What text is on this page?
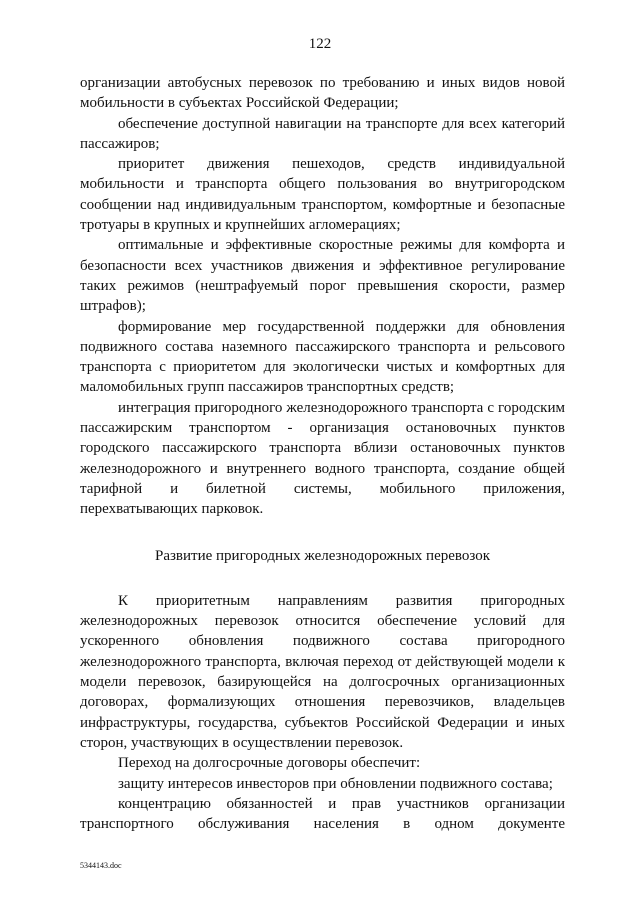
122

организации автобусных перевозок по требованию и иных видов новой мобильности в субъектах Российской Федерации;

обеспечение доступной навигации на транспорте для всех категорий пассажиров;

приоритет движения пешеходов, средств индивидуальной мобильности и транспорта общего пользования во внутригородском сообщении над индивидуальным транспортом, комфортные и безопасные тротуары в крупных и крупнейших агломерациях;

оптимальные и эффективные скоростные режимы для комфорта и безопасности всех участников движения и эффективное регулирование таких режимов (нештрафуемый порог превышения скорости, размер штрафов);

формирование мер государственной поддержки для обновления подвижного состава наземного пассажирского транспорта и рельсового транспорта с приоритетом для экологически чистых и комфортных для маломобильных групп пассажиров транспортных средств;

интеграция пригородного железнодорожного транспорта с городским пассажирским транспортом - организация остановочных пунктов городского пассажирского транспорта вблизи остановочных пунктов железнодорожного и внутреннего водного транспорта, создание общей тарифной и билетной системы, мобильного приложения, перехватывающих парковок.

Развитие пригородных железнодорожных перевозок

К приоритетным направлениям развития пригородных железнодорожных перевозок относится обеспечение условий для ускоренного обновления подвижного состава пригородного железнодорожного транспорта, включая переход от действующей модели к модели перевозок, базирующейся на долгосрочных организационных договорах, формализующих отношения перевозчиков, владельцев инфраструктуры, государства, субъектов Российской Федерации и иных сторон, участвующих в осуществлении перевозок.

Переход на долгосрочные договоры обеспечит:

защиту интересов инвесторов при обновлении подвижного состава;

концентрацию обязанностей и прав участников организации транспортного обслуживания населения в одном документе

5344143.doc
